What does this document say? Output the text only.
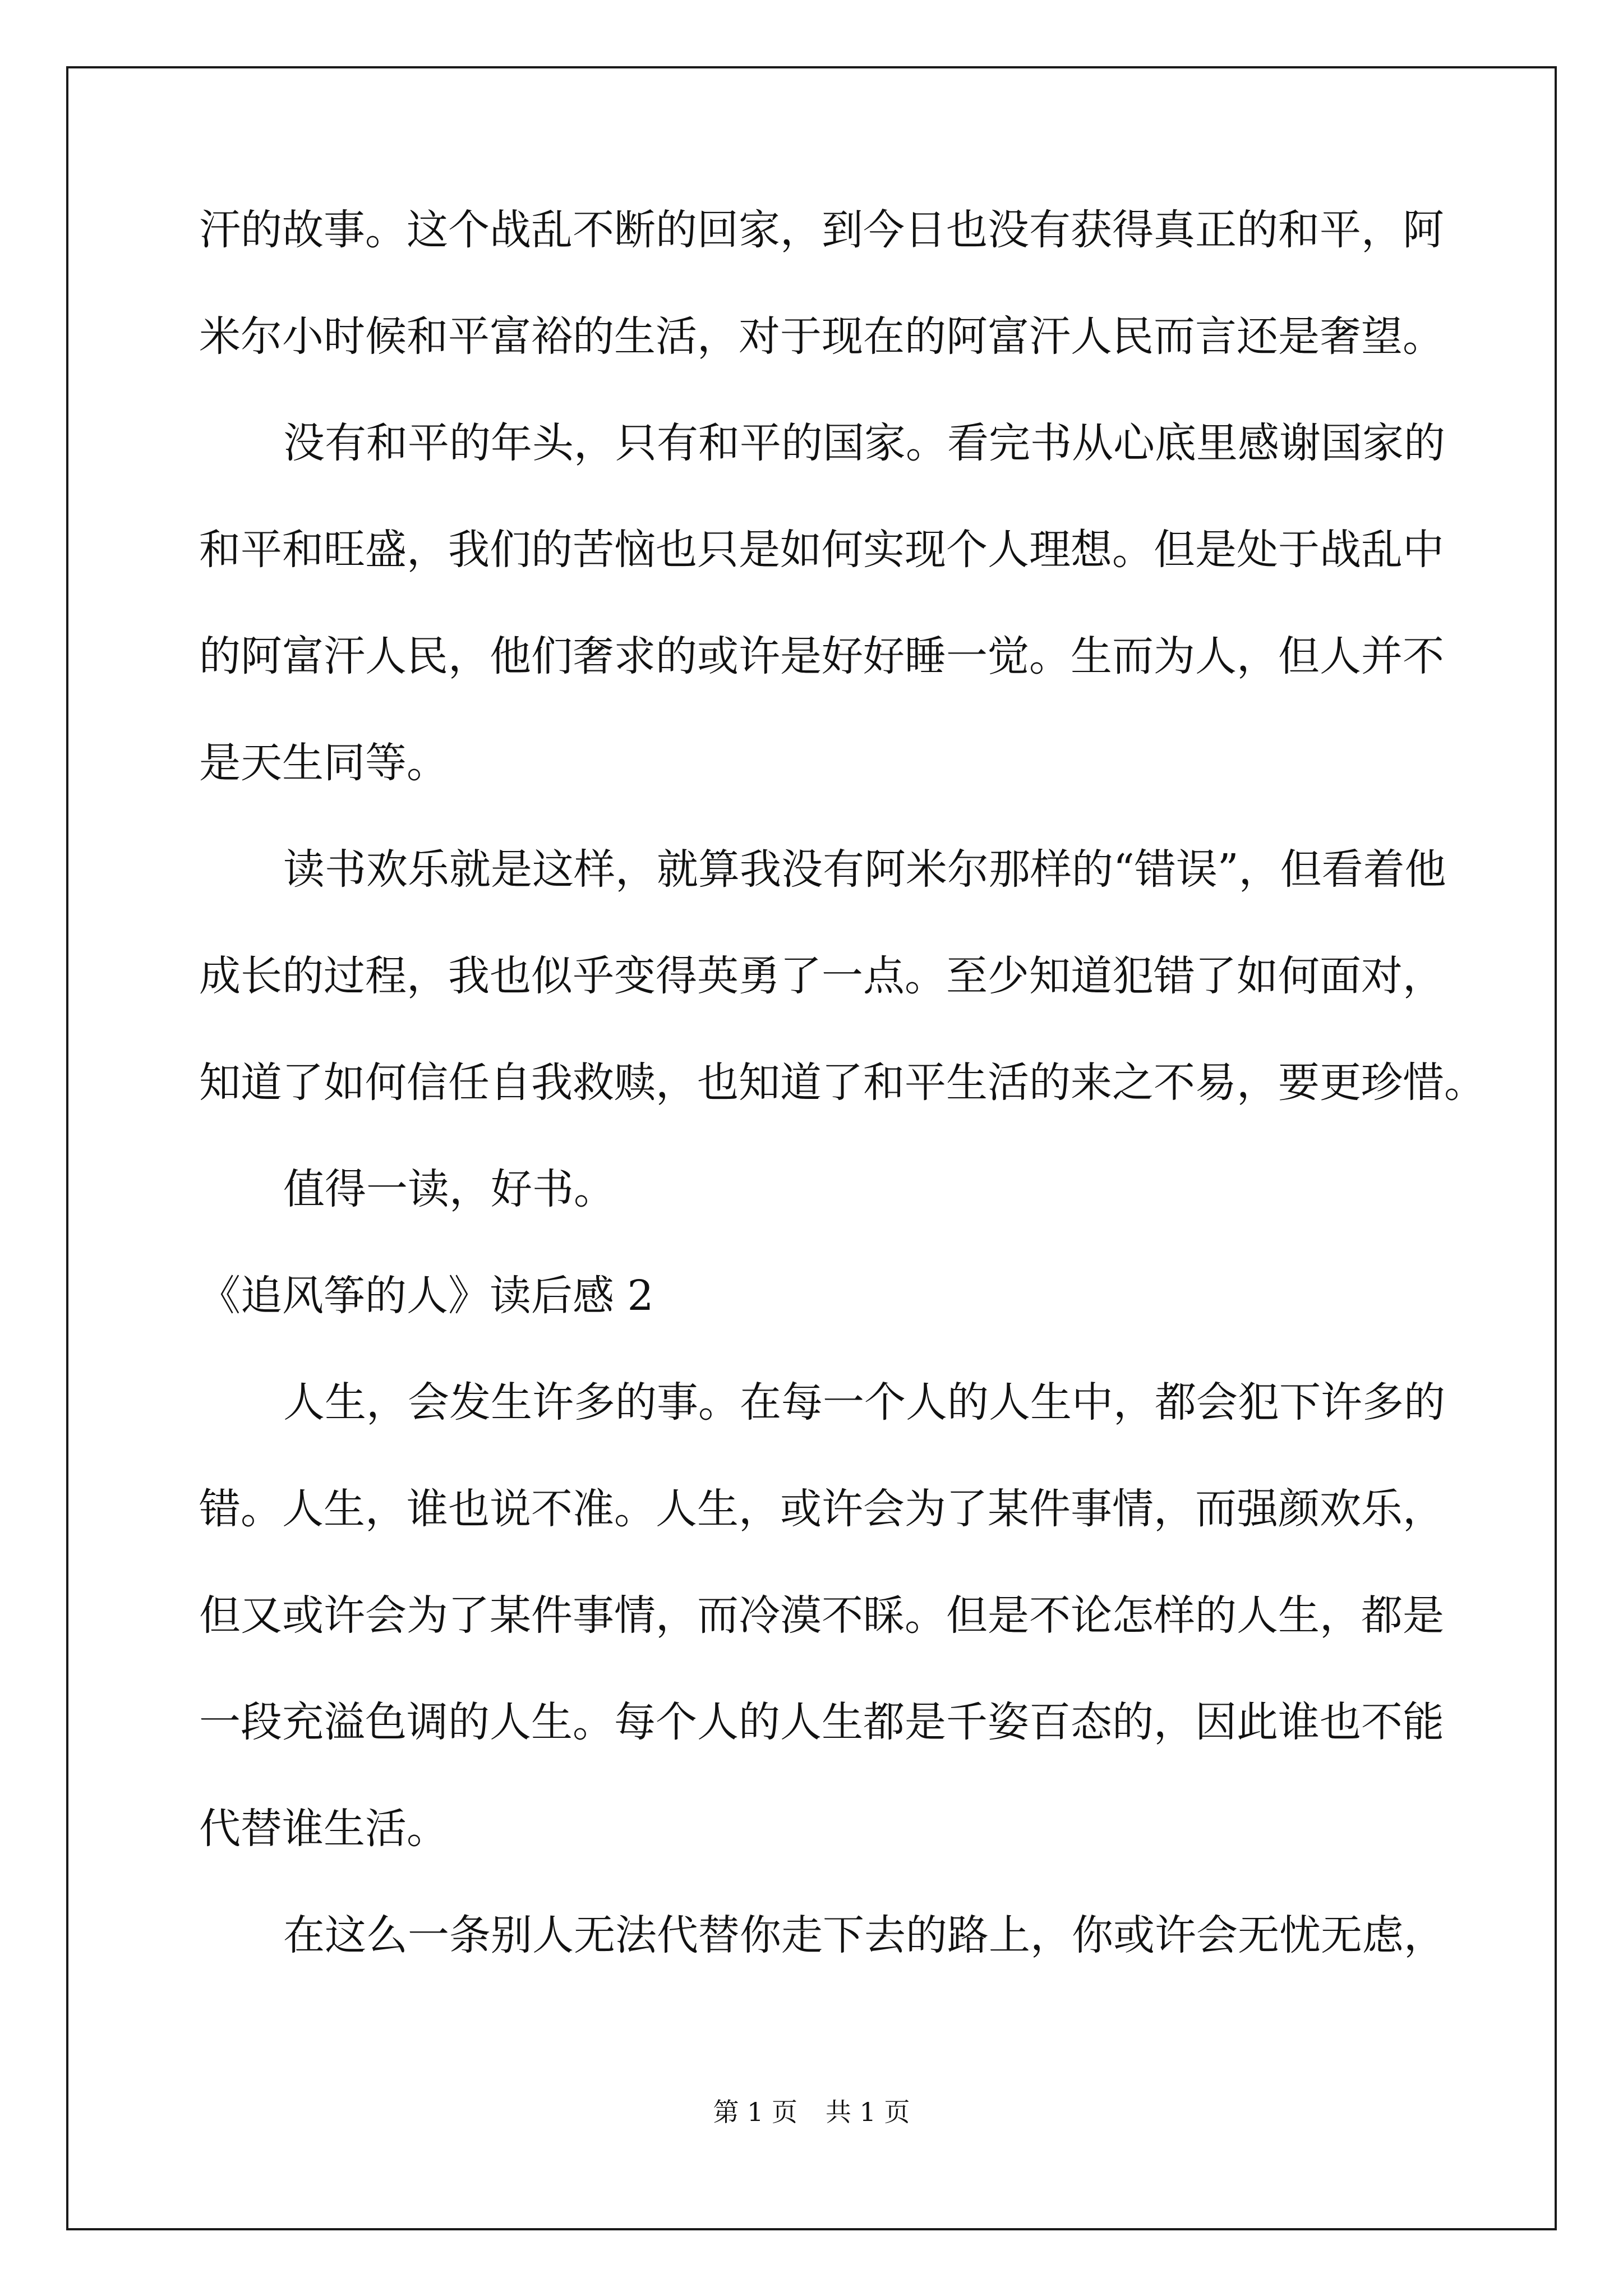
汗的故事。这个战乱不断的回家，到今日也没有获得真正的和平，阿
米尔小时候和平富裕的生活，对于现在的阿富汗人民而言还是奢望。
没有和平的年头，只有和平的国家。看完书从心底里感谢国家的
和平和旺盛，我们的苦恼也只是如何实现个人理想。但是处于战乱中
的阿富汗人民，他们奢求的或许是好好睡一觉。生而为人，但人并不
是天生同等。
读书欢乐就是这样，就算我没有阿米尔那样的“错误”，但看着他
成长的过程，我也似乎变得英勇了一点。至少知道犯错了如何面对，
知道了如何信任自我救赎，也知道了和平生活的来之不易，要更珍惜。
值得一读，好书。
《追风筝的人》读后感 2
人生，会发生许多的事。在每一个人的人生中，都会犯下许多的
错。人生，谁也说不准。人生，或许会为了某件事情，而强颜欢乐，
但又或许会为了某件事情，而冷漠不睬。但是不论怎样的人生，都是
一段充溢色调的人生。每个人的人生都是千姿百态的，因此谁也不能
代替谁生活。
在这么一条别人无法代替你走下去的路上，你或许会无忧无虑，
第 1 页 共 1 页
